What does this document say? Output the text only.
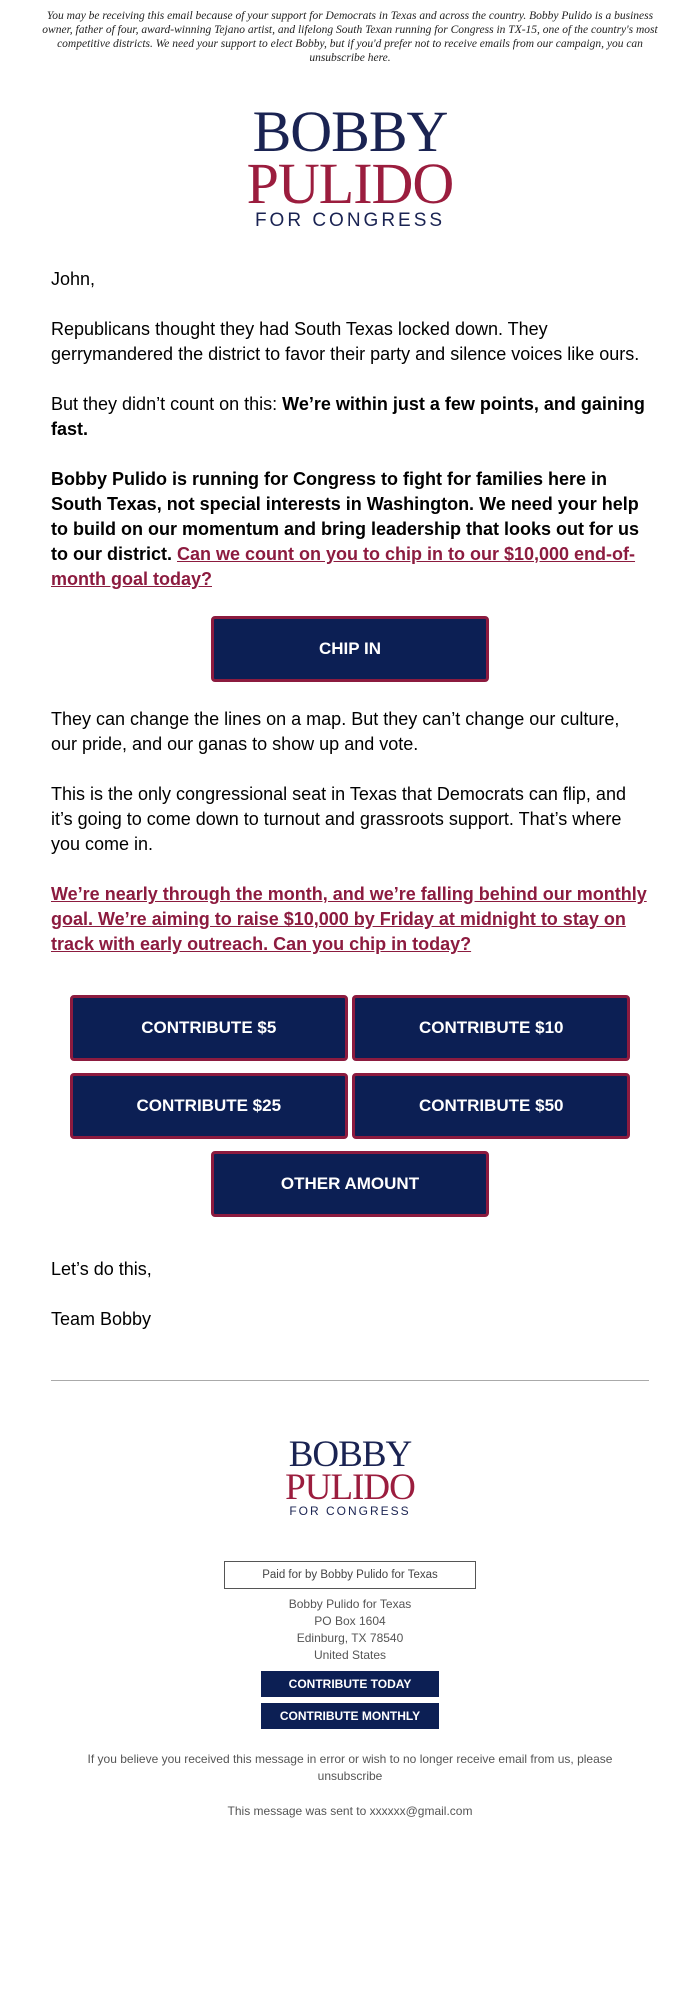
You may be receiving this email because of your support for Democrats in Texas and across the country. Bobby Pulido is a business owner, father of four, award-winning Tejano artist, and lifelong South Texan running for Congress in TX-15, one of the country's most competitive districts. We need your support to elect Bobby, but if you'd prefer not to receive emails from our campaign, you can unsubscribe here.
BOBBY
PULIDO
FOR CONGRESS
John,
Republicans thought they had South Texas locked down. They gerrymandered the district to favor their party and silence voices like ours.
But they didn’t count on this: We’re within just a few points, and gaining fast.
Bobby Pulido is running for Congress to fight for families here in South Texas, not special interests in Washington. We need your help to build on our momentum and bring leadership that looks out for us to our district. Can we count on you to chip in to our $10,000 end-of-month goal today?
CHIP IN
They can change the lines on a map. But they can’t change our culture, our pride, and our ganas to show up and vote.
This is the only congressional seat in Texas that Democrats can flip, and it’s going to come down to turnout and grassroots support. That’s where you come in.
We’re nearly through the month, and we’re falling behind our monthly goal. We’re aiming to raise $10,000 by Friday at midnight to stay on track with early outreach. Can you chip in today?
CONTRIBUTE $5	CONTRIBUTE $10 CONTRIBUTE $25	CONTRIBUTE $50 OTHER AMOUNT
Let’s do this,
Team Bobby
BOBBY
PULIDO
FOR CONGRESS
Paid for by Bobby Pulido for Texas
Bobby Pulido for Texas
PO Box 1604
Edinburg, TX 78540
United States
CONTRIBUTE TODAY
CONTRIBUTE MONTHLY
If you believe you received this message in error or wish to no longer receive email from us, please unsubscribe
This message was sent to xxxxxx@gmail.com
